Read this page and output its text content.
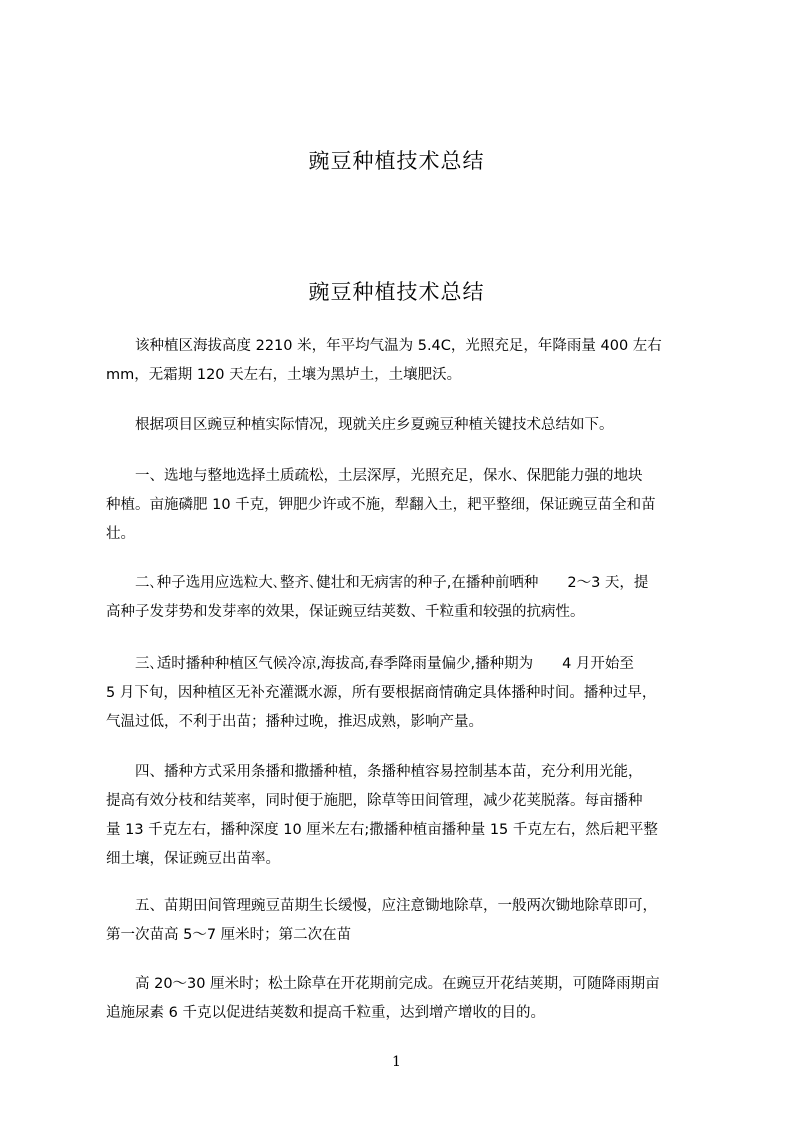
豌豆种植技术总结
豌豆种植技术总结
　　该种植区海拔高度 2210 米，年平均气温为 5.4C，光照充足，年降雨量 400 左右
mm，无霜期 120 天左右，土壤为黑垆土，土壤肥沃。
　　根据项目区豌豆种植实际情况，现就关庄乡夏豌豆种植关键技术总结如下。
　　一、选地与整地选择土质疏松，土层深厚，光照充足，保水、保肥能力强的地块
种植。亩施磷肥 10 千克，钾肥少许或不施，犁翻入土，耙平整细，保证豌豆苗全和苗
壮。
　　二､种子选用应选粒大､整齐､健壮和无病害的种子,在播种前晒种　　2～3 天，提
高种子发芽势和发芽率的效果，保证豌豆结荚数、千粒重和较强的抗病性。
　　三､适时播种种植区气候冷凉,海拔高,春季降雨量偏少,播种期为　　4 月开始至
5 月下旬，因种植区无补充灌溉水源，所有要根据商情确定具体播种时间。播种过早，
气温过低，不利于出苗；播种过晚，推迟成熟，影响产量。
　　四、播种方式采用条播和撒播种植，条播种植容易控制基本苗，充分利用光能，
提高有效分枝和结荚率，同时便于施肥，除草等田间管理，减少花荚脱落。每亩播种
量 13 千克左右，播种深度 10 厘米左右;撒播种植亩播种量 15 千克左右，然后耙平整
细土壤，保证豌豆出苗率。
　　五、苗期田间管理豌豆苗期生长缓慢，应注意锄地除草，一般两次锄地除草即可，
第一次苗高 5～7 厘米时；第二次在苗
　　高 20～30 厘米时；松土除草在开花期前完成。在豌豆开花结荚期，可随降雨期亩
追施尿素 6 千克以促进结荚数和提高千粒重，达到增产增收的目的。
1
